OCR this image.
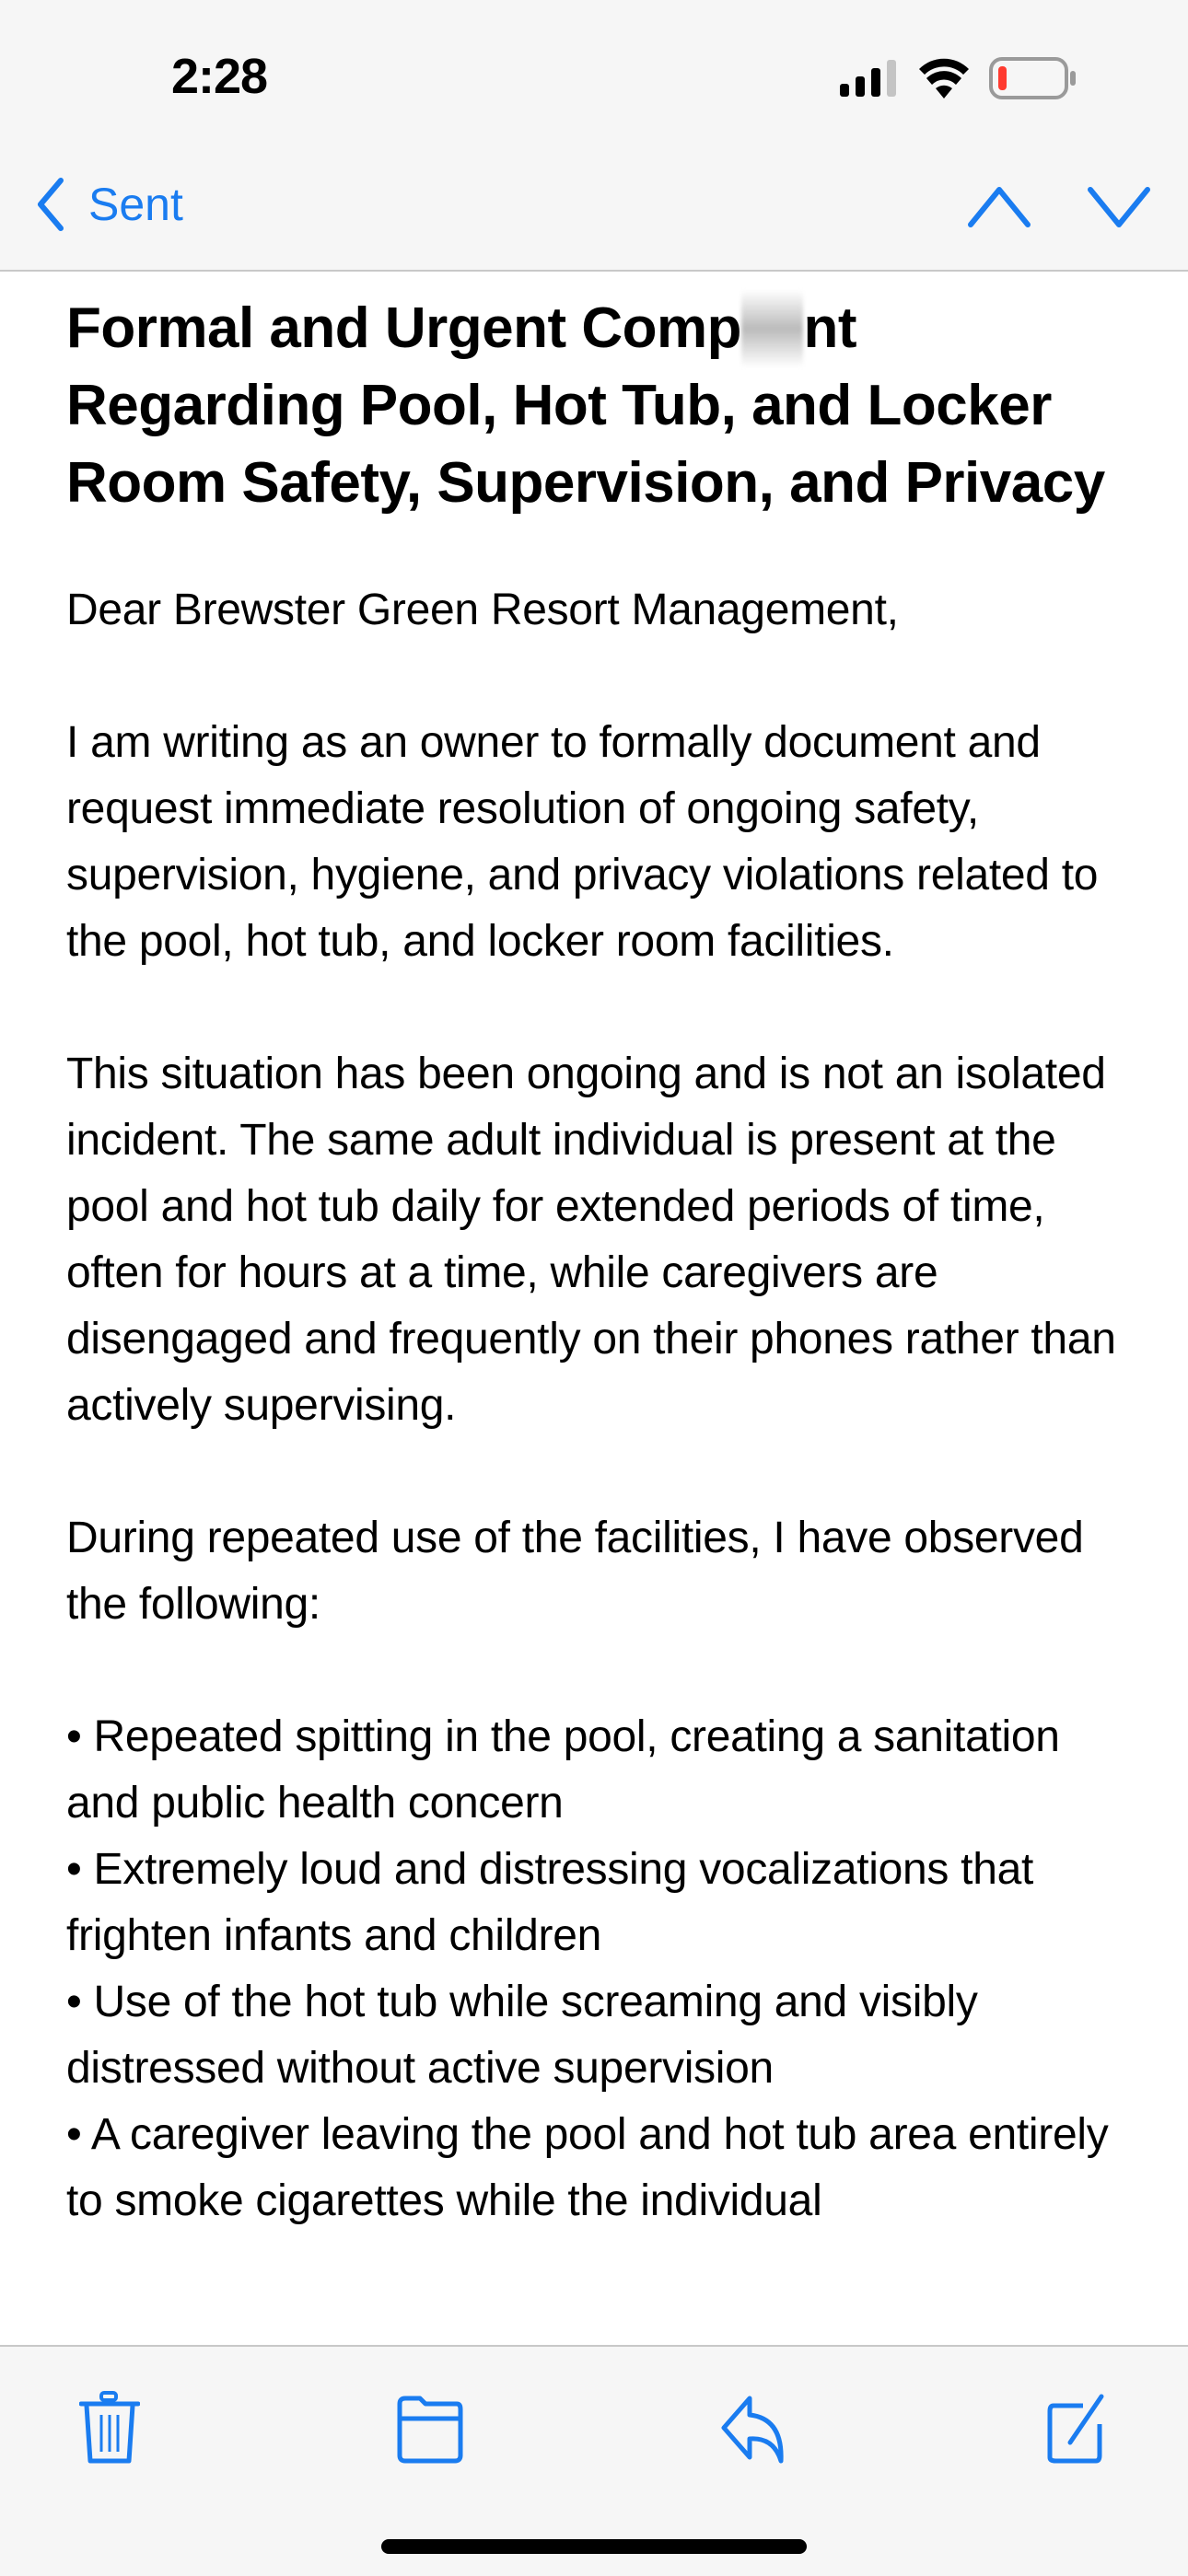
2:28
Sent
Formal and Urgent Comp nt Regarding Pool, Hot Tub, and Locker Room Safety, Supervision, and Privacy

Dear Brewster Green Resort Management,

I am writing as an owner to formally document and request immediate resolution of ongoing safety, supervision, hygiene, and privacy violations related to the pool, hot tub, and locker room facilities.

This situation has been ongoing and is not an isolated incident. The same adult individual is present at the pool and hot tub daily for extended periods of time, often for hours at a time, while caregivers are disengaged and frequently on their phones rather than actively supervising.

During repeated use of the facilities, I have observed the following:

• Repeated spitting in the pool, creating a sanitation and public health concern
• Extremely loud and distressing vocalizations that frighten infants and children
• Use of the hot tub while screaming and visibly distressed without active supervision
• A caregiver leaving the pool and hot tub area entirely to smoke cigarettes while the individual
